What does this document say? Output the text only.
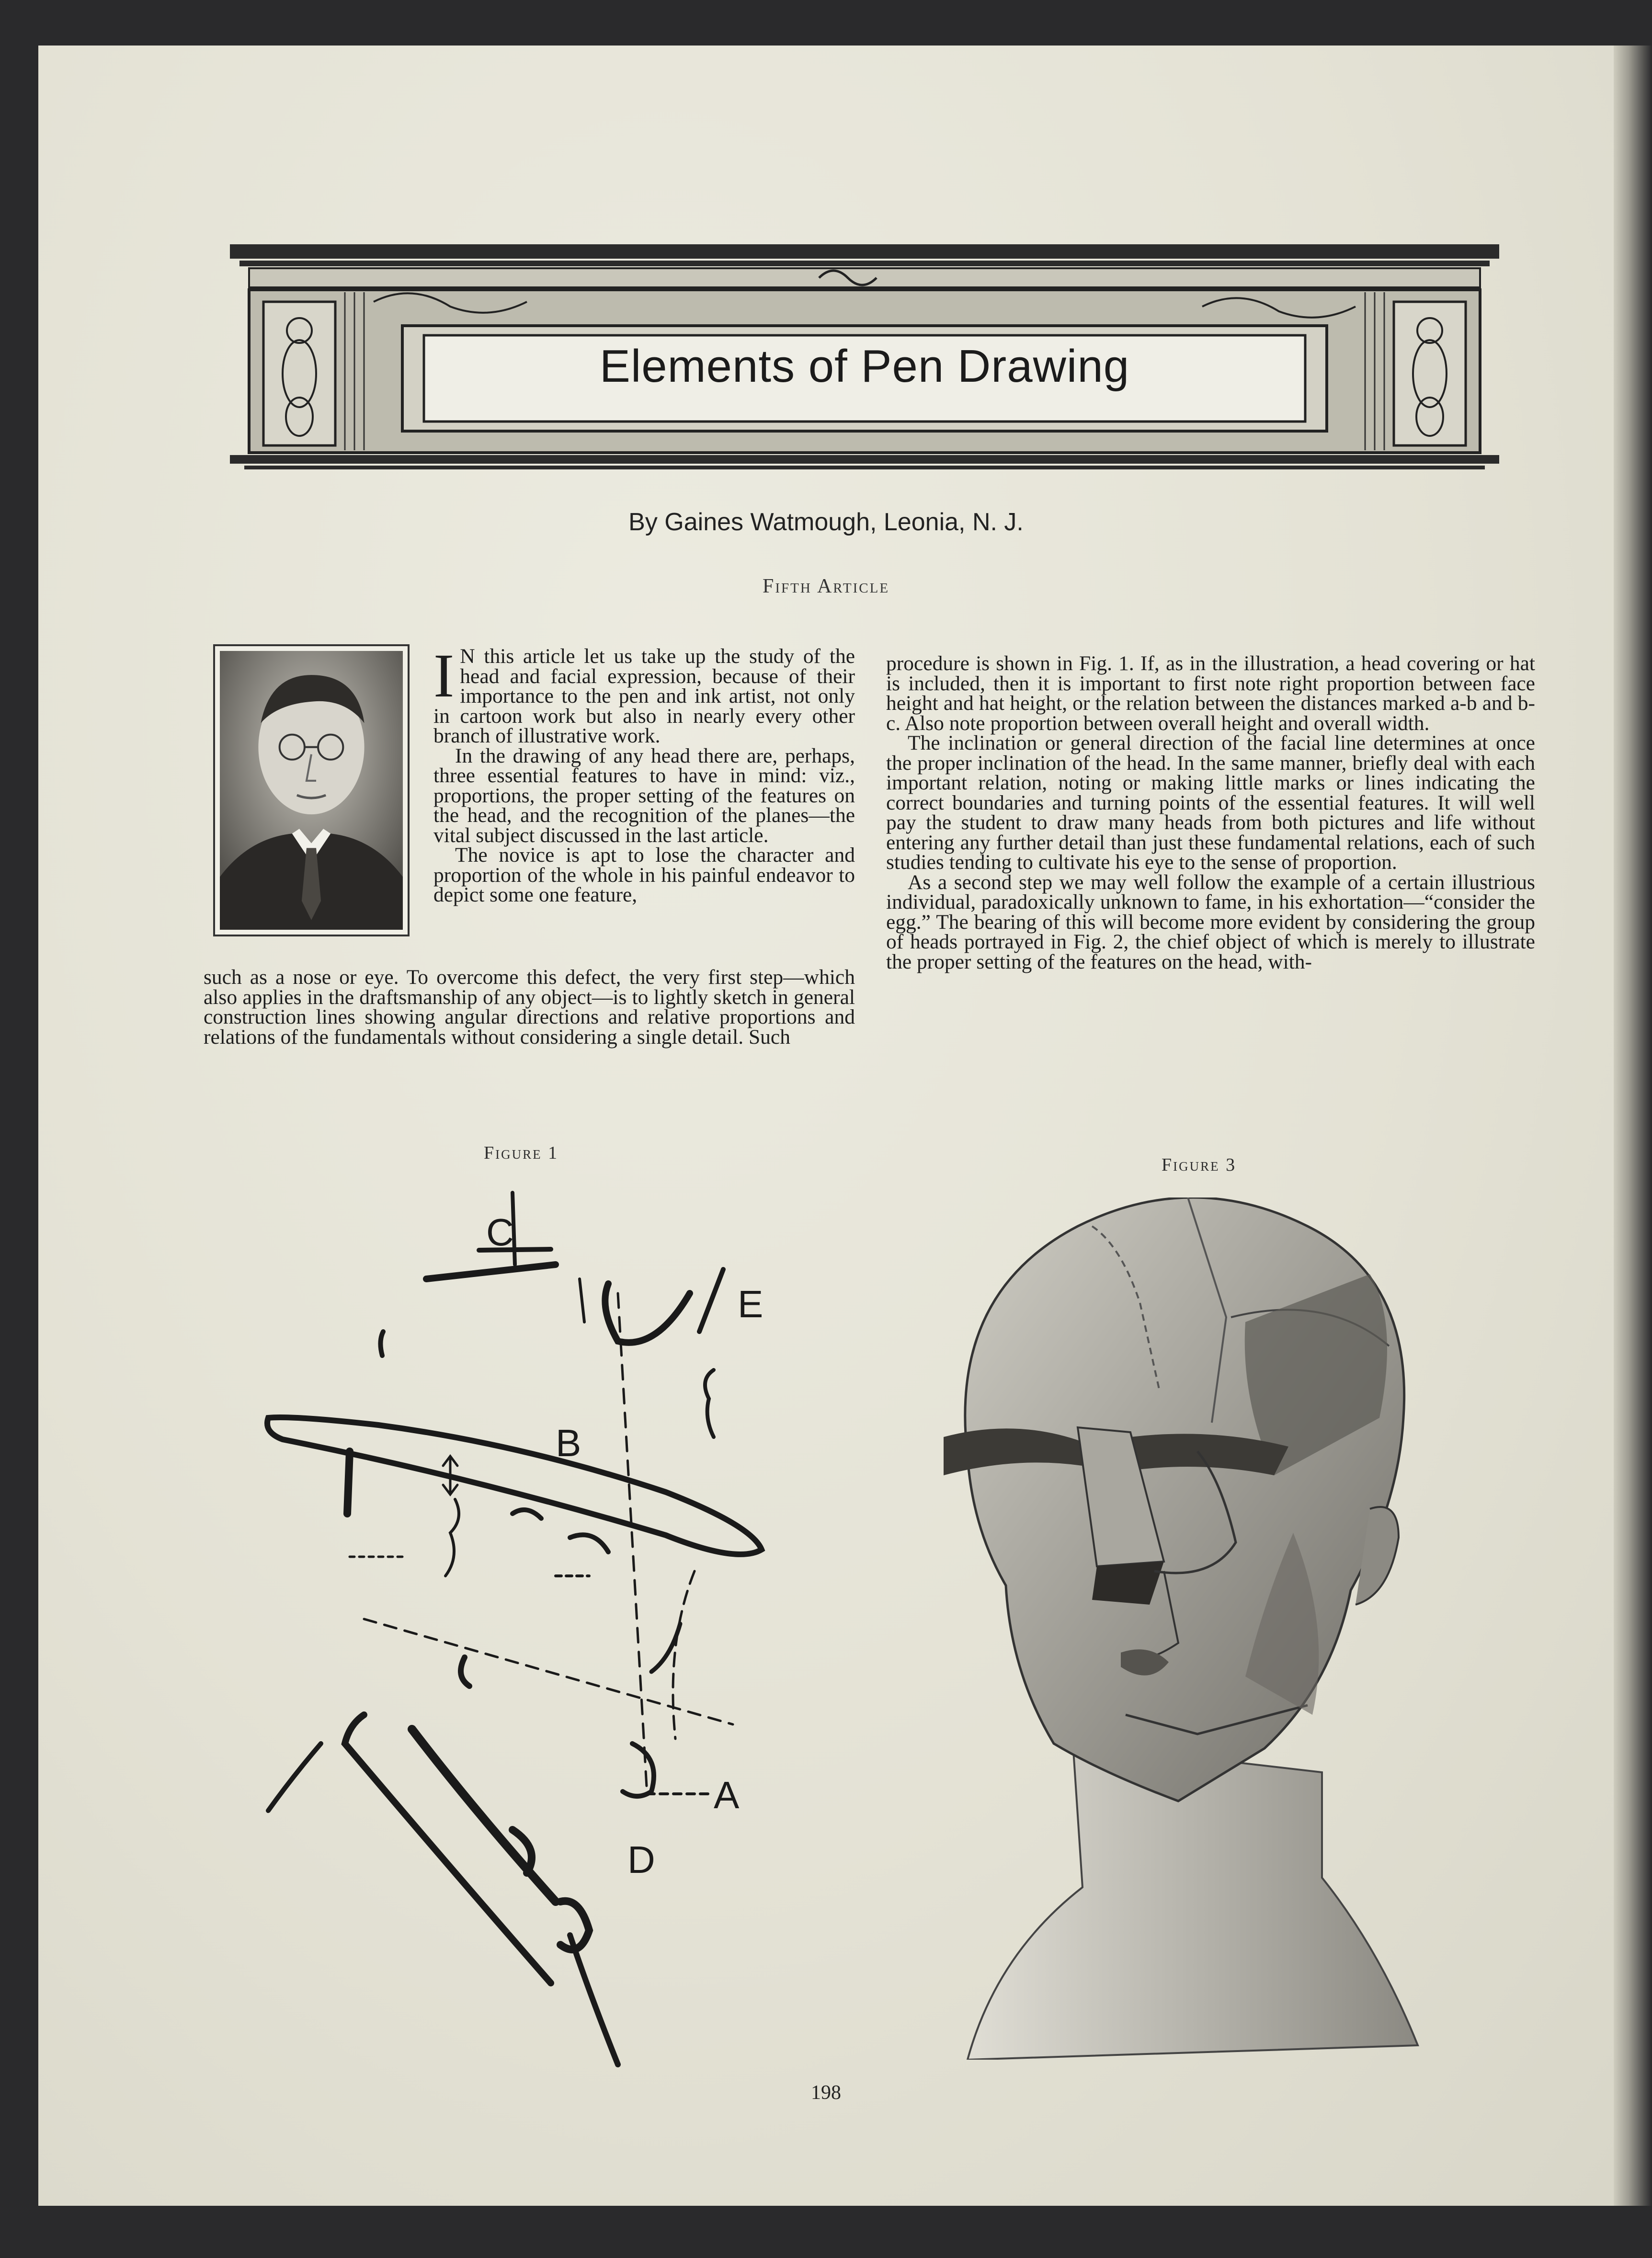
Elements of Pen Drawing
By Gaines Watmough, Leonia, N. J.
Fifth Article

I N this article let us take up the study of the head and facial expression, because of their importance to the pen and ink artist, not only in cartoon work but also in nearly every other branch of illustrative work.

In the drawing of any head there are, perhaps, three essential features to have in mind: viz., proportions, the proper setting of the features on the head, and the recognition of the planes—the vital subject discussed in the last article.

The novice is apt to lose the character and proportion of the whole in his painful endeavor to depict some one feature,

such as a nose or eye. To overcome this defect, the very first step—which also applies in the draftsmanship of any object—is to lightly sketch in general construction lines showing angular directions and relative proportions and relations of the fundamentals without considering a single detail. Such

procedure is shown in Fig. 1. If, as in the illustration, a head covering or hat is included, then it is important to first note right proportion between face height and hat height, or the relation between the distances marked a-b and b-c. Also note proportion between overall height and overall width.

The inclination or general direction of the facial line determines at once the proper inclination of the head. In the same manner, briefly deal with each important relation, noting or making little marks or lines indicating the correct boundaries and turning points of the essential features. It will well pay the student to draw many heads from both pictures and life without entering any further detail than just these fundamental relations, each of such studies tending to cultivate his eye to the sense of proportion.

As a second step we may well follow the example of a certain illustrious individual, paradoxically unknown to fame, in his exhortation—“consider the egg.” The bearing of this will become more evident by considering the group of heads portrayed in Fig. 2, the chief object of which is merely to illustrate the proper setting of the features on the head, with-

Figure 1
Figure 3
C
E
B
A
D
198
